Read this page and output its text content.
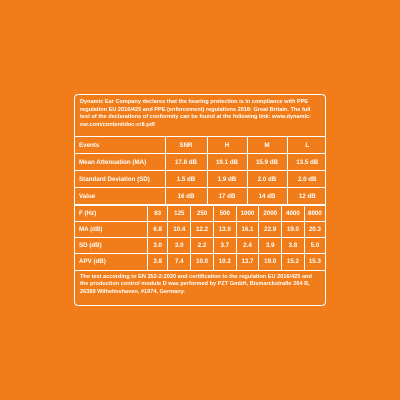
Dynamic Ear Company declares that the hearing protection is in compliance with PPE regulation EU 2016/425 and PPE (enforcement) regulations 2018: Great Britain. The full text of the declarations of conformity can be found at the following link: www.dynamic-ear.com/content/doc-cr8.pdf

Events	SNR	H	M	L
Mean Attenuation (MA)	17.8 dB	19.1 dB	15.9 dB	13.5 dB
Standard Deviation (SD)	1.5 dB	1.9 dB	2.0 dB	2.0 dB
Value	16 dB	17 dB	14 dB	12 dB
F (Hz)	63	125	250	500	1000	2000	4000	8000
MA (dB)	6.8	10.4	12.2	13.9	16.1	22.9	19.0	20.3
SD (dB)	3.0	3.0	2.2	3.7	2.4	3.9	3.8	5.0
APV (dB)	3.8	7.4	10.0	10.2	13.7	19.0	15.2	15.3

The test according to EN 352-2:2020 and certification to the regulation EU 2016/425 and the production control module D was performed by PZT GmbH, Bismarckstraße 264 B, 26389 Wilhelmshaven, #1974, Germany.
